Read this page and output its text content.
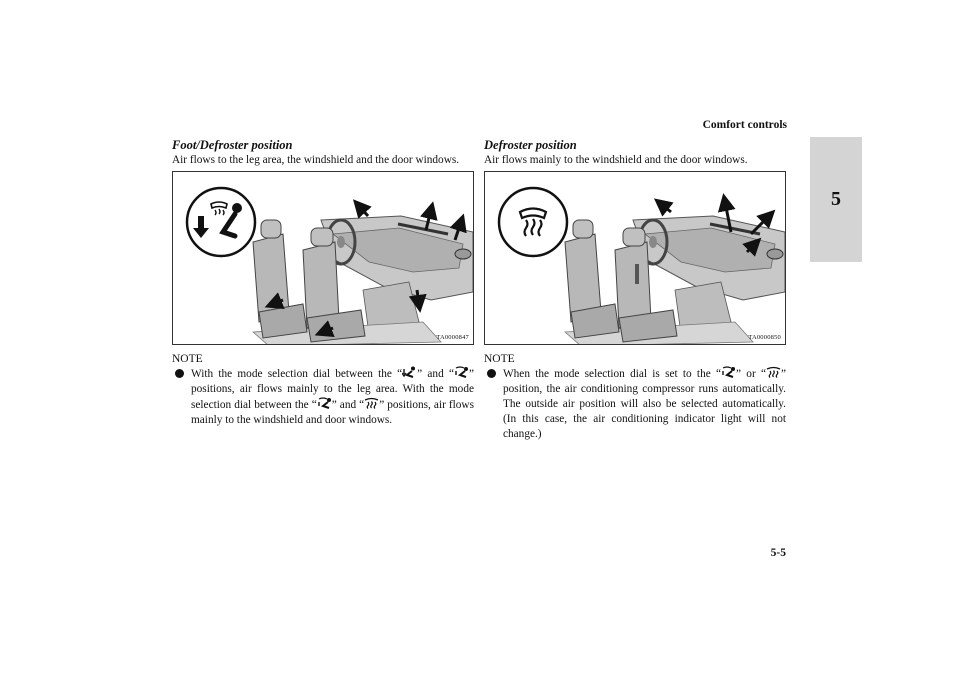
Comfort controls
5
Foot/Defroster position
Air flows to the leg area, the windshield and the door windows.
TA0000847
NOTE
With the mode selection dial between the “ ” and “ ” positions, air flows mainly to the leg area. With the mode selection dial between the “ ” and “ ” positions, air flows mainly to the windshield and door windows.
Defroster position
Air flows mainly to the windshield and the door windows.
TA0000850
NOTE
When the mode selection dial is set to the “ ” or “ ” position, the air conditioning compressor runs automatically. The outside air position will also be selected automatically. (In this case, the air conditioning indicator light will not change.)
5-5
